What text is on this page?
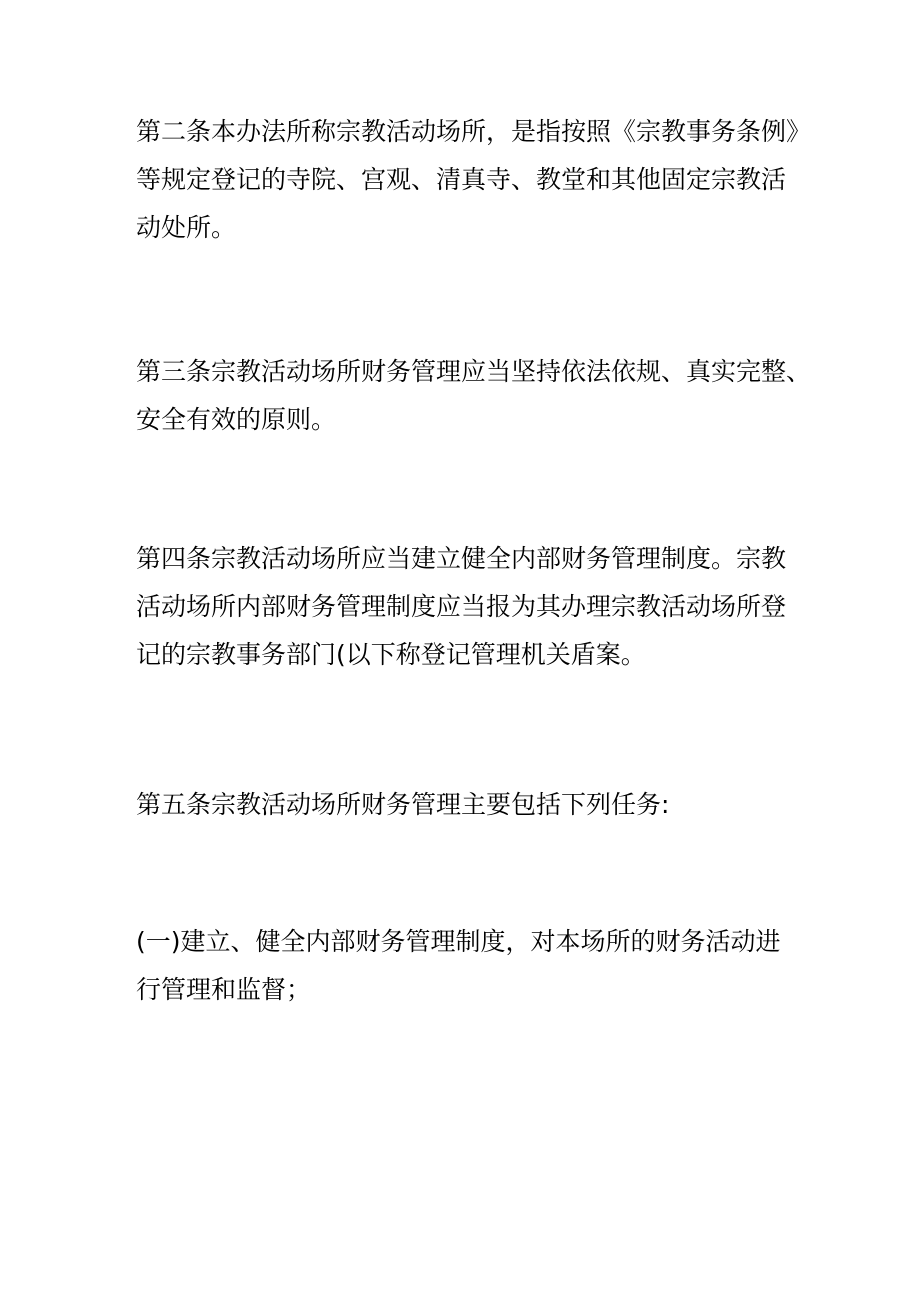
第二条本办法所称宗教活动场所，是指按照《宗教事务条例》
等规定登记的寺院、宫观、清真寺、教堂和其他固定宗教活
动处所。

第三条宗教活动场所财务管理应当坚持依法依规、真实完整、
安全有效的原则。

第四条宗教活动场所应当建立健全内部财务管理制度。宗教
活动场所内部财务管理制度应当报为其办理宗教活动场所登
记的宗教事务部门(以下称登记管理机关盾案。

第五条宗教活动场所财务管理主要包括下列任务:

(一)建立、健全内部财务管理制度，对本场所的财务活动进
行管理和监督；
